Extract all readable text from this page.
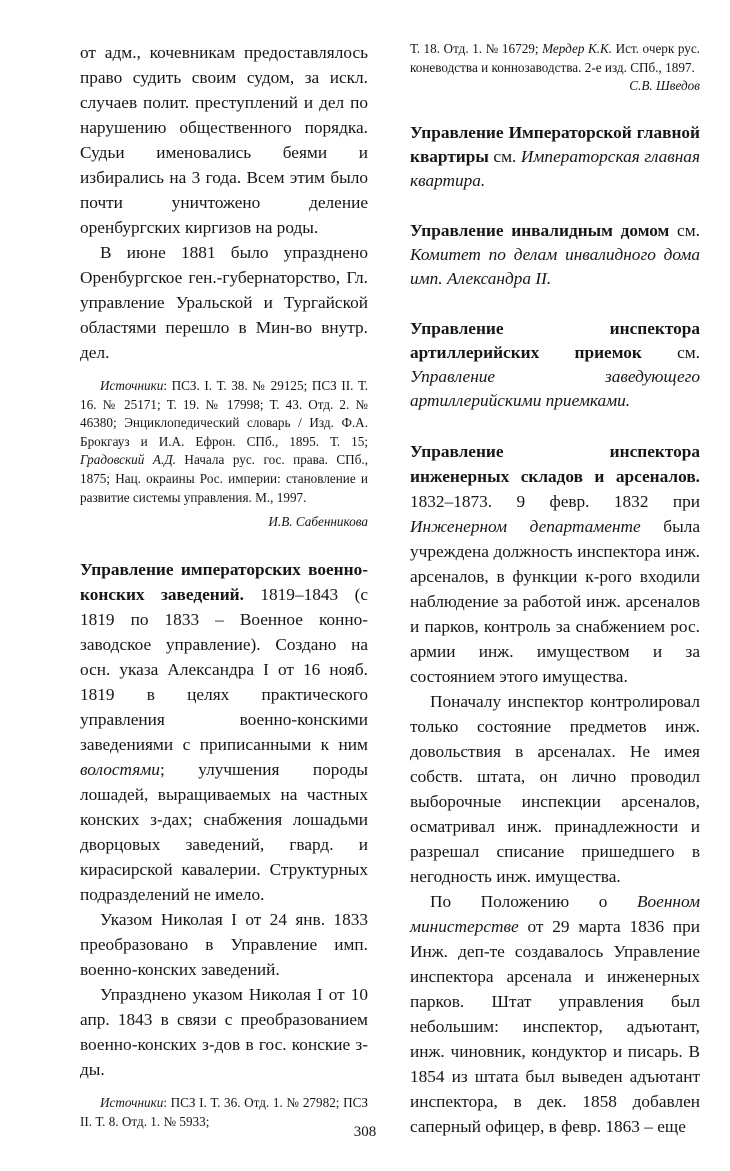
от адм., кочевникам предоставлялось право судить своим судом, за искл. случаев полит. преступлений и дел по нарушению общественного порядка. Судьи именовались беями и избирались на 3 года. Всем этим было почти уничтожено деление оренбургских киргизов на роды.

В июне 1881 было упразднено Оренбургское ген.-губернаторство, Гл. управление Уральской и Тургайской областями перешло в Мин-во внутр. дел.

Источники: ПСЗ. I. Т. 38. № 29125; ПСЗ II. Т. 16. № 25171; Т. 19. № 17998; Т. 43. Отд. 2. № 46380; Энциклопедический словарь / Изд. Ф.А. Брокгауз и И.А. Ефрон. СПб., 1895. Т. 15; Градовский А.Д. Начала рус. гос. права. СПб., 1875; Нац. окраины Рос. империи: становление и развитие системы управления. М., 1997.

И.В. Сабенникова

Управление императорских военно-конских заведений. 1819–1843 (с 1819 по 1833 – Военное конно-заводское управление). Создано на осн. указа Александра I от 16 нояб. 1819 в целях практического управления военно-конскими заведениями с приписанными к ним волостями; улучшения породы лошадей, выращиваемых на частных конских з-дах; снабжения лошадьми дворцовых заведений, гвард. и кирасирской кавалерии. Структурных подразделений не имело.

Указом Николая I от 24 янв. 1833 преобразовано в Управление имп. военно-конских заведений.

Упразднено указом Николая I от 10 апр. 1843 в связи с преобразованием военно-конских з-дов в гос. конские з-ды.

Источники: ПСЗ I. Т. 36. Отд. 1. № 27982; ПСЗ II. Т. 8. Отд. 1. № 5933;

Т. 18. Отд. 1. № 16729; Мердер К.К. Ист. очерк рус. коневодства и коннозаводства. 2-е изд. СПб., 1897.

С.В. Шведов

Управление Императорской главной квартиры см. Императорская главная квартира.

Управление инвалидным домом см. Комитет по делам инвалидного дома имп. Александра II.

Управление инспектора артиллерийских приемок см. Управление заведующего артиллерийскими приемками.

Управление инспектора инженерных складов и арсеналов. 1832–1873. 9 февр. 1832 при Инженерном департаменте была учреждена должность инспектора инж. арсеналов, в функции к-рого входили наблюдение за работой инж. арсеналов и парков, контроль за снабжением рос. армии инж. имуществом и за состоянием этого имущества.

Поначалу инспектор контролировал только состояние предметов инж. довольствия в арсеналах. Не имея собств. штата, он лично проводил выборочные инспекции арсеналов, осматривал инж. принадлежности и разрешал списание пришедшего в негодность инж. имущества.

По Положению о Военном министерстве от 29 марта 1836 при Инж. деп-те создавалось Управление инспектора арсенала и инженерных парков. Штат управления был небольшим: инспектор, адъютант, инж. чиновник, кондуктор и писарь. В 1854 из штата был выведен адъютант инспектора, в дек. 1858 добавлен саперный офицер, в февр. 1863 – еще

308
